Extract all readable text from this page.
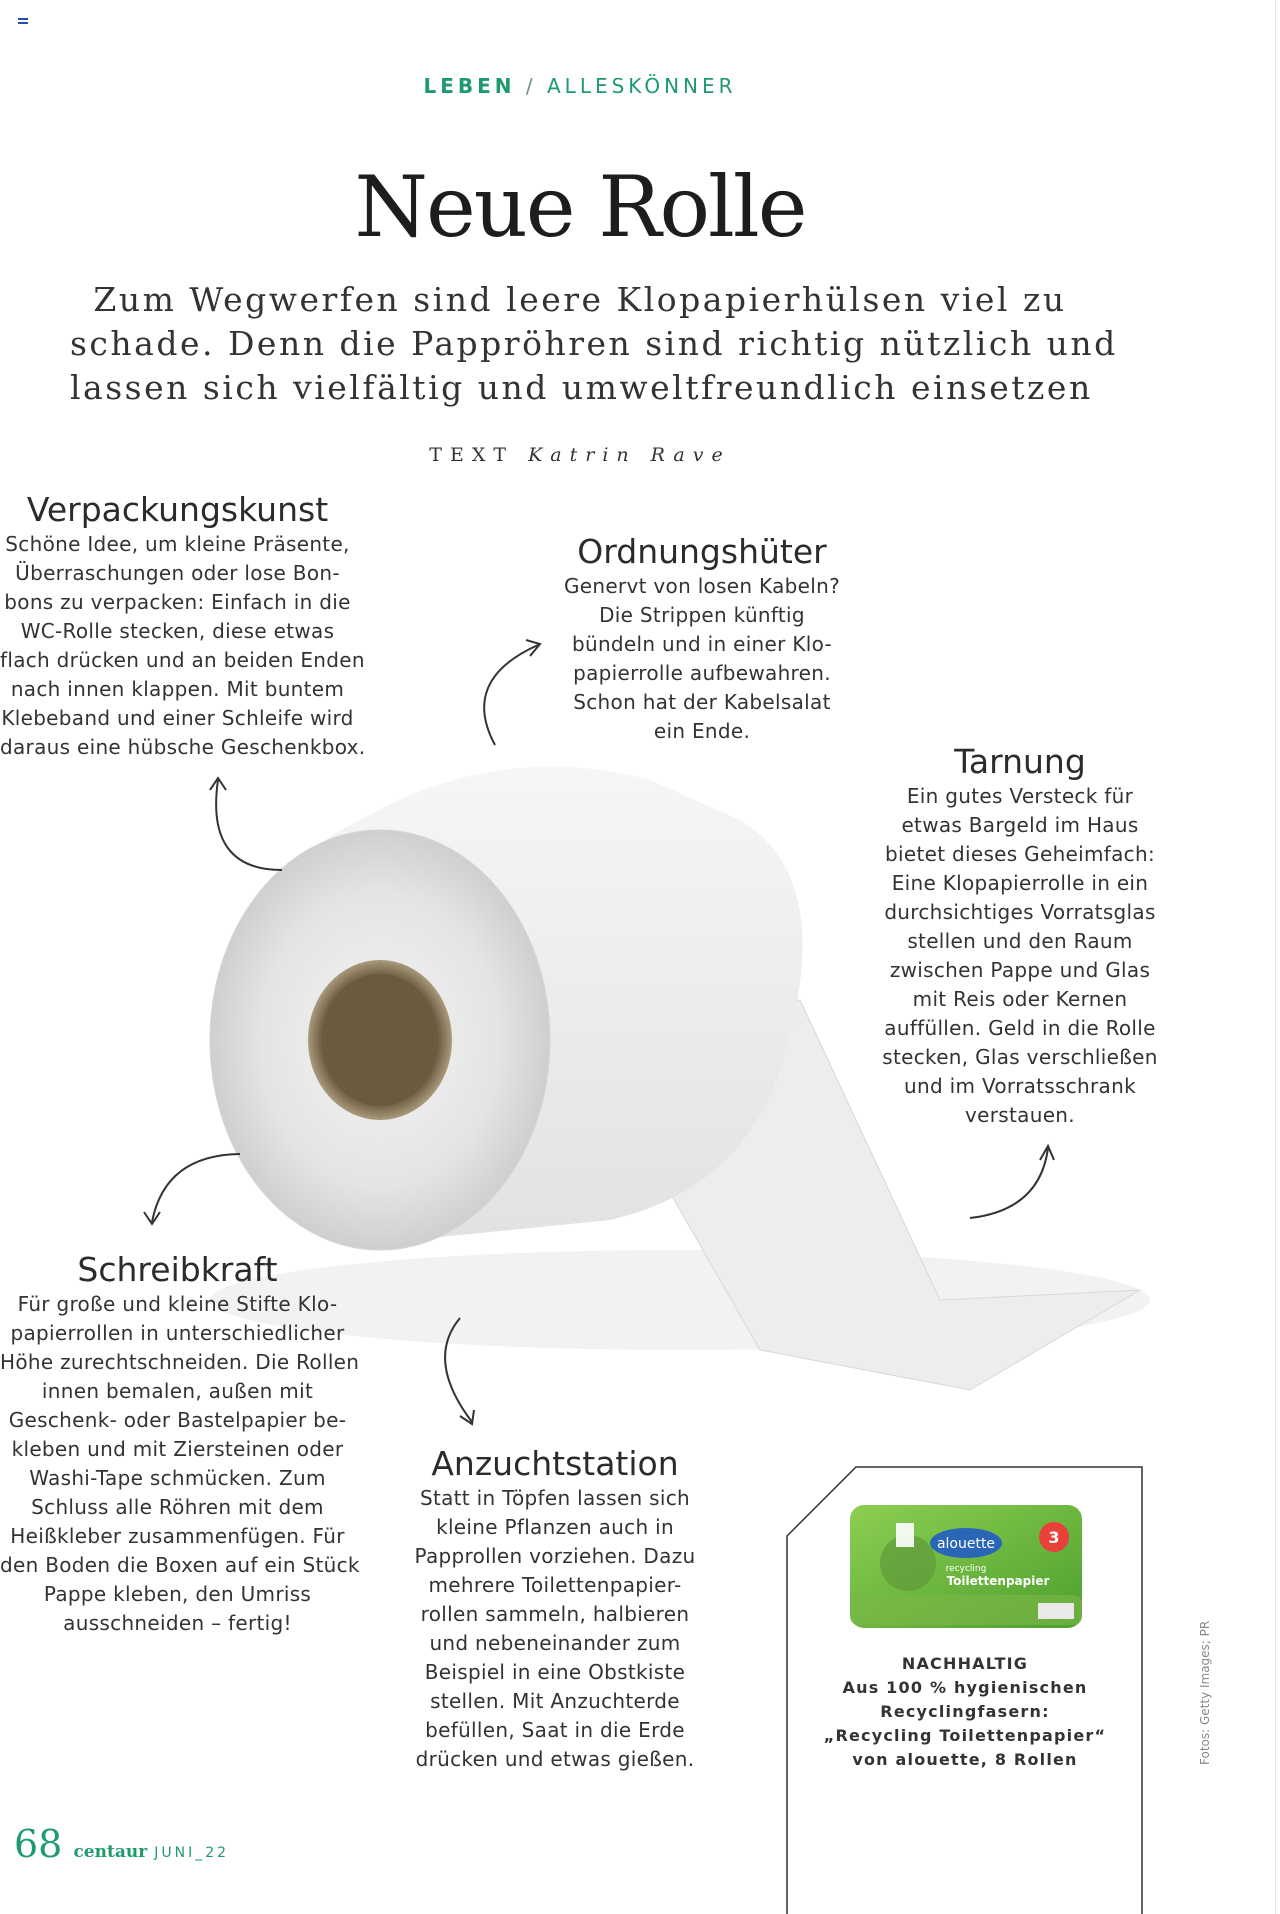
LEBEN / ALLESKÖNNER
Neue Rolle
Zum Wegwerfen sind leere Klopapierhülsen viel zu
schade. Denn die Pappröhren sind richtig nützlich und
lassen sich vielfältig und umweltfreundlich einsetzen
TEXT Katrin Rave
Verpackungskunst
Schöne Idee, um kleine Präsente,
Überraschungen oder lose Bon-
bons zu verpacken: Einfach in die
WC-Rolle stecken, diese etwas
flach drücken und an beiden Enden
nach innen klappen. Mit buntem
Klebeband und einer Schleife wird
daraus eine hübsche Geschenkbox.
Ordnungshüter
Genervt von losen Kabeln?
Die Strippen künftig
bündeln und in einer Klo-
papierrolle aufbewahren.
Schon hat der Kabelsalat
ein Ende.
Tarnung
Ein gutes Versteck für
etwas Bargeld im Haus
bietet dieses Geheimfach:
Eine Klopapierrolle in ein
durchsichtiges Vorratsglas
stellen und den Raum
zwischen Pappe und Glas
mit Reis oder Kernen
auffüllen. Geld in die Rolle
stecken, Glas verschließen
und im Vorratsschrank
verstauen.
Schreibkraft
Für große und kleine Stifte Klo-
papierrollen in unterschiedlicher
Höhe zurechtschneiden. Die Rollen
innen bemalen, außen mit
Geschenk- oder Bastelpapier be-
kleben und mit Ziersteinen oder
Washi-Tape schmücken. Zum
Schluss alle Röhren mit dem
Heißkleber zusammenfügen. Für
den Boden die Boxen auf ein Stück
Pappe kleben, den Umriss
ausschneiden – fertig!
Anzuchtstation
Statt in Töpfen lassen sich
kleine Pflanzen auch in
Papprollen vorziehen. Dazu
mehrere Toilettenpapier-
rollen sammeln, halbieren
und nebeneinander zum
Beispiel in eine Obstkiste
stellen. Mit Anzuchterde
befüllen, Saat in die Erde
drücken und etwas gießen.
alouette	3
recycling
Toilettenpapier
NACHHALTIG
Aus 100 % hygienischen
Recyclingfasern:
„Recycling Toilettenpapier“
von alouette, 8 Rollen	Fotos: Getty Images; PR
68 centaur JUNI_22
